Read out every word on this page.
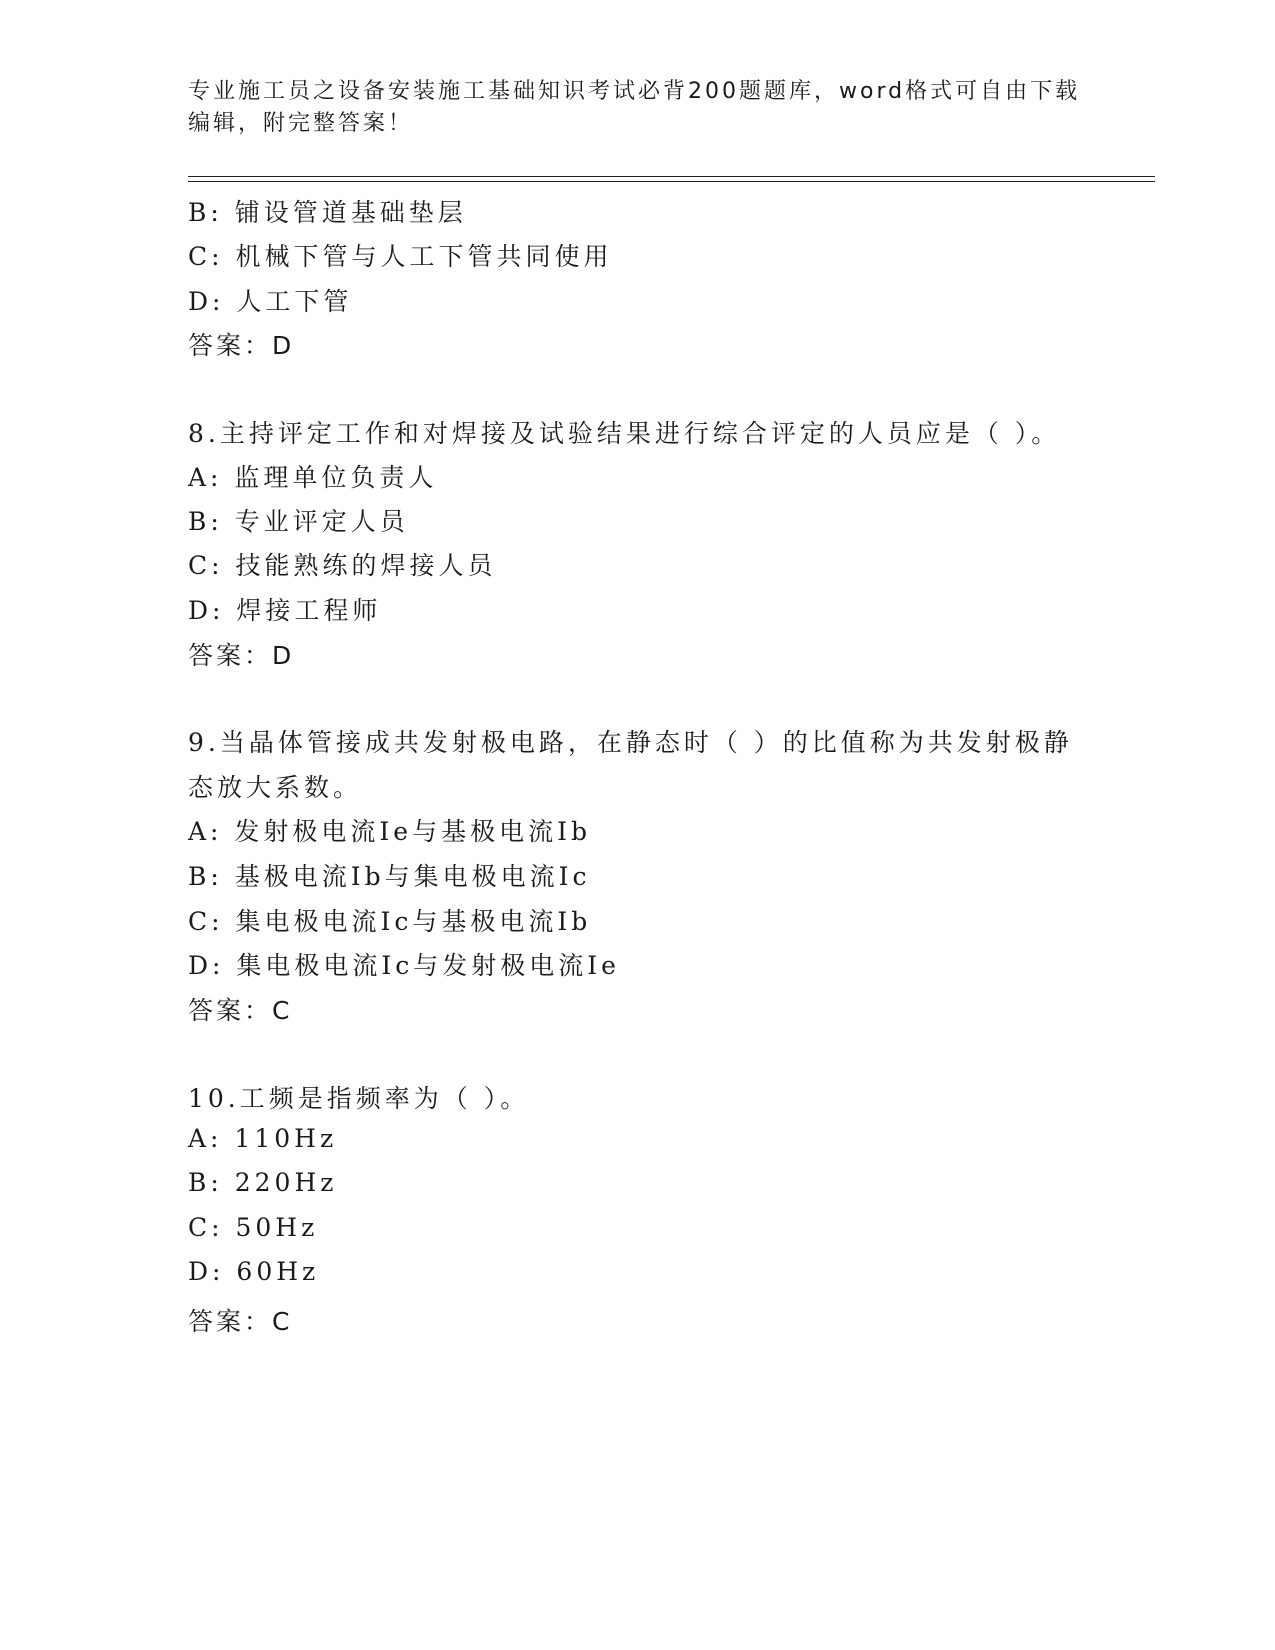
专业施工员之设备安装施工基础知识考试必背200题题库，word格式可自由下载
编辑，附完整答案！
B: 铺设管道基础垫层
C: 机械下管与人工下管共同使用
D: 人工下管
答案：D
8.主持评定工作和对焊接及试验结果进行综合评定的人员应是（ ）。
A: 监理单位负责人
B: 专业评定人员
C: 技能熟练的焊接人员
D: 焊接工程师
答案：D
9.当晶体管接成共发射极电路，在静态时（ ）的比值称为共发射极静
态放大系数。
A: 发射极电流Ie与基极电流Ib
B: 基极电流Ib与集电极电流Ic
C: 集电极电流Ic与基极电流Ib
D: 集电极电流Ic与发射极电流Ie
答案：C
10.工频是指频率为（ ）。
A: 110Hz
B: 220Hz
C: 50Hz
D: 60Hz
答案：C
